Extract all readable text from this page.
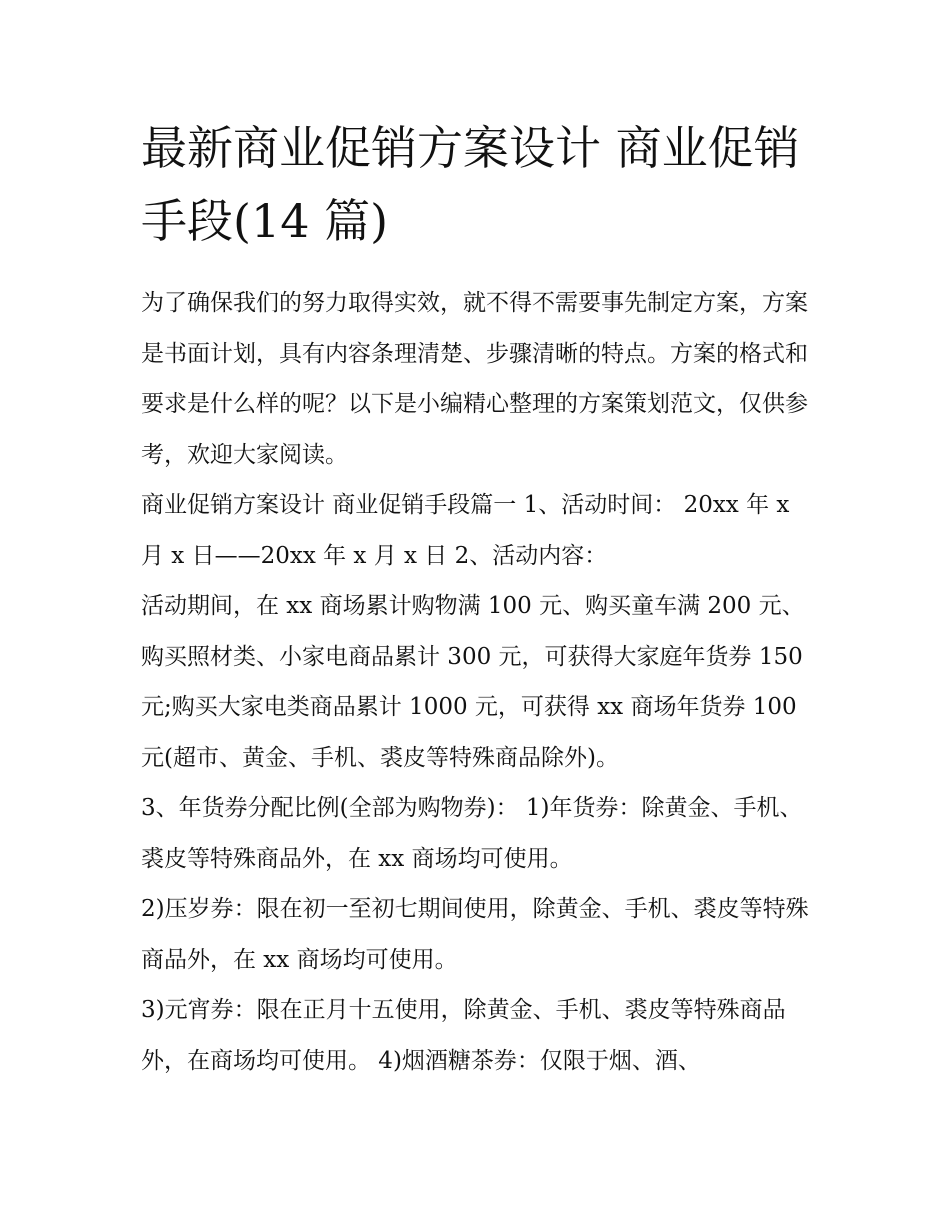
最新商业促销方案设计 商业促销手段(14 篇)

为了确保我们的努力取得实效，就不得不需要事先制定方案，方案是书面计划，具有内容条理清楚、步骤清晰的特点。方案的格式和要求是什么样的呢？以下是小编精心整理的方案策划范文，仅供参考，欢迎大家阅读。

商业促销方案设计 商业促销手段篇一 1、活动时间： 20xx 年 x 月 x 日——20xx 年 x 月 x 日 2、活动内容：

活动期间，在 xx 商场累计购物满 100 元、购买童车满 200 元、购买照材类、小家电商品累计 300 元，可获得大家庭年货券 150 元;购买大家电类商品累计 1000 元，可获得 xx 商场年货券 100 元(超市、黄金、手机、裘皮等特殊商品除外)。

3、年货券分配比例(全部为购物券)： 1)年货券：除黄金、手机、裘皮等特殊商品外，在 xx 商场均可使用。

2)压岁券：限在初一至初七期间使用，除黄金、手机、裘皮等特殊商品外，在 xx 商场均可使用。

3)元宵券：限在正月十五使用，除黄金、手机、裘皮等特殊商品外，在商场均可使用。 4)烟酒糖茶券：仅限于烟、酒、
